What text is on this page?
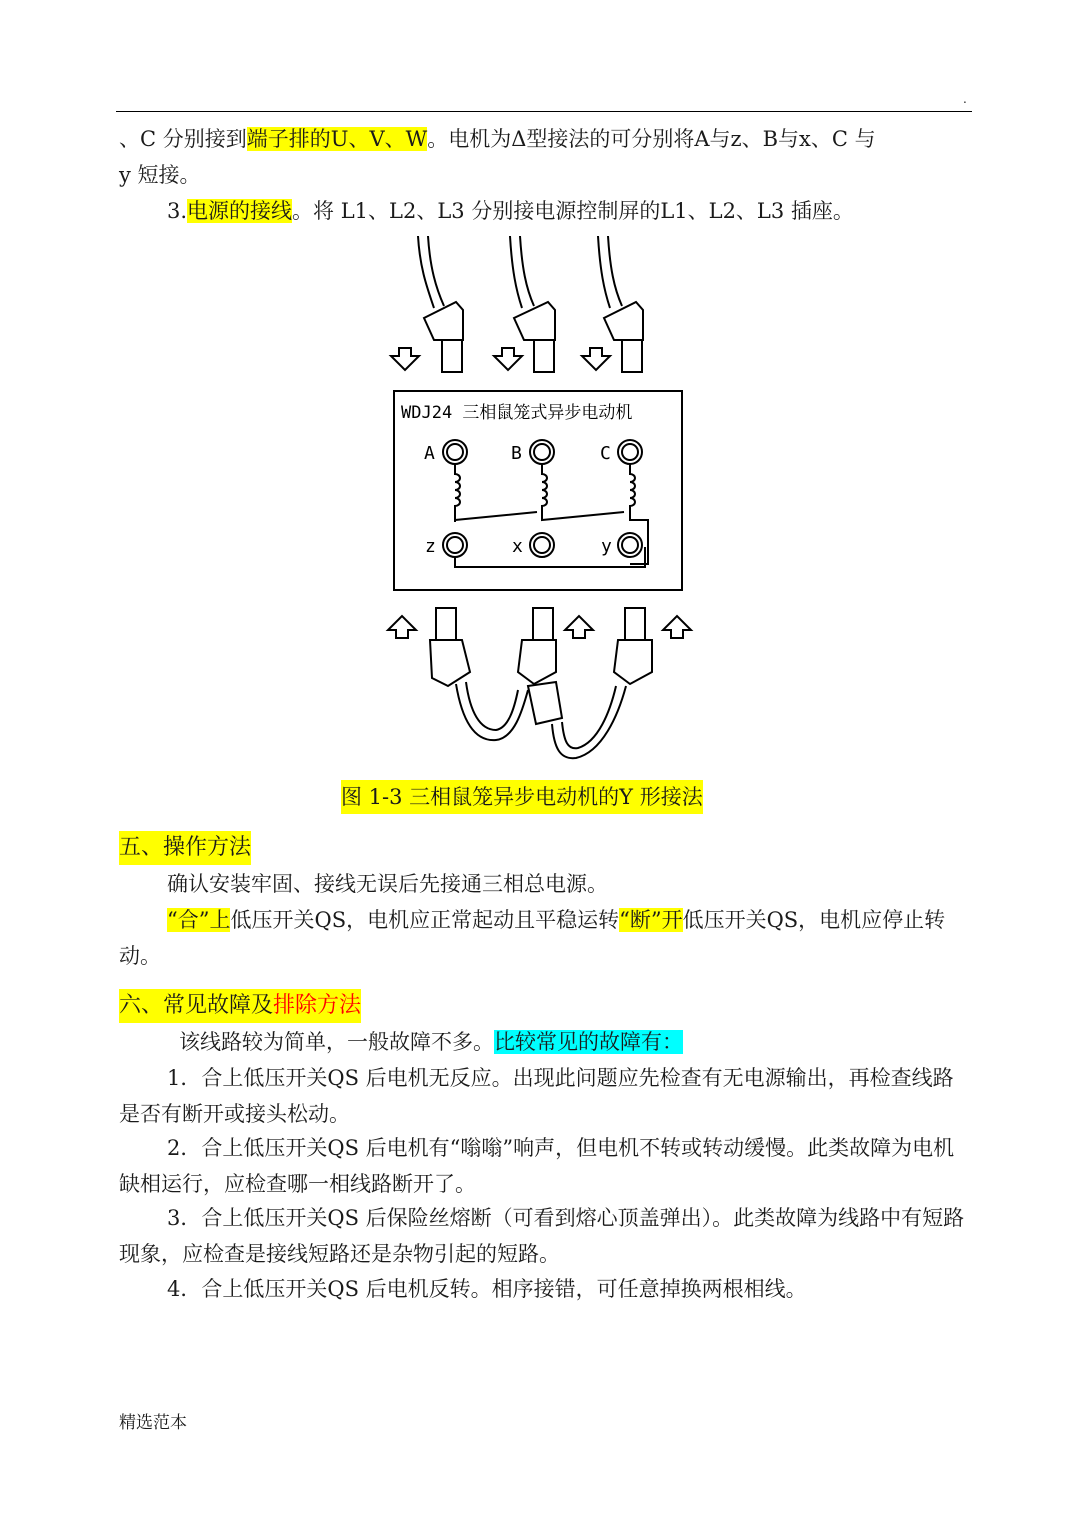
.

、C 分别接到端子排的U、V、W。电机为Δ型接法的可分别将A与z、B与x、C 与
y 短接。

3.电源的接线。将 L1、L2、L3 分别接电源控制屏的L1、L2、L3 插座。

WDJ24 三相鼠笼式异步电动机
A	B	C
z	x	y
图 1-3 三相鼠笼异步电动机的Y 形接法
五、操作方法

确认安装牢固、接线无误后先接通三相总电源。

“合”上低压开关QS，电机应正常起动且平稳运转“断”开低压开关QS，电机应停止转动。

六、常见故障及排除方法

该线路较为简单，一般故障不多。比较常见的故障有：

1．合上低压开关QS 后电机无反应。出现此问题应先检查有无电源输出，再检查线路是否有断开或接头松动。

2．合上低压开关QS 后电机有“嗡嗡”响声，但电机不转或转动缓慢。此类故障为电机缺相运行，应检查哪一相线路断开了。

3．合上低压开关QS 后保险丝熔断（可看到熔心顶盖弹出）。此类故障为线路中有短路现象，应检查是接线短路还是杂物引起的短路。

4．合上低压开关QS 后电机反转。相序接错，可任意掉换两根相线。

精选范本
